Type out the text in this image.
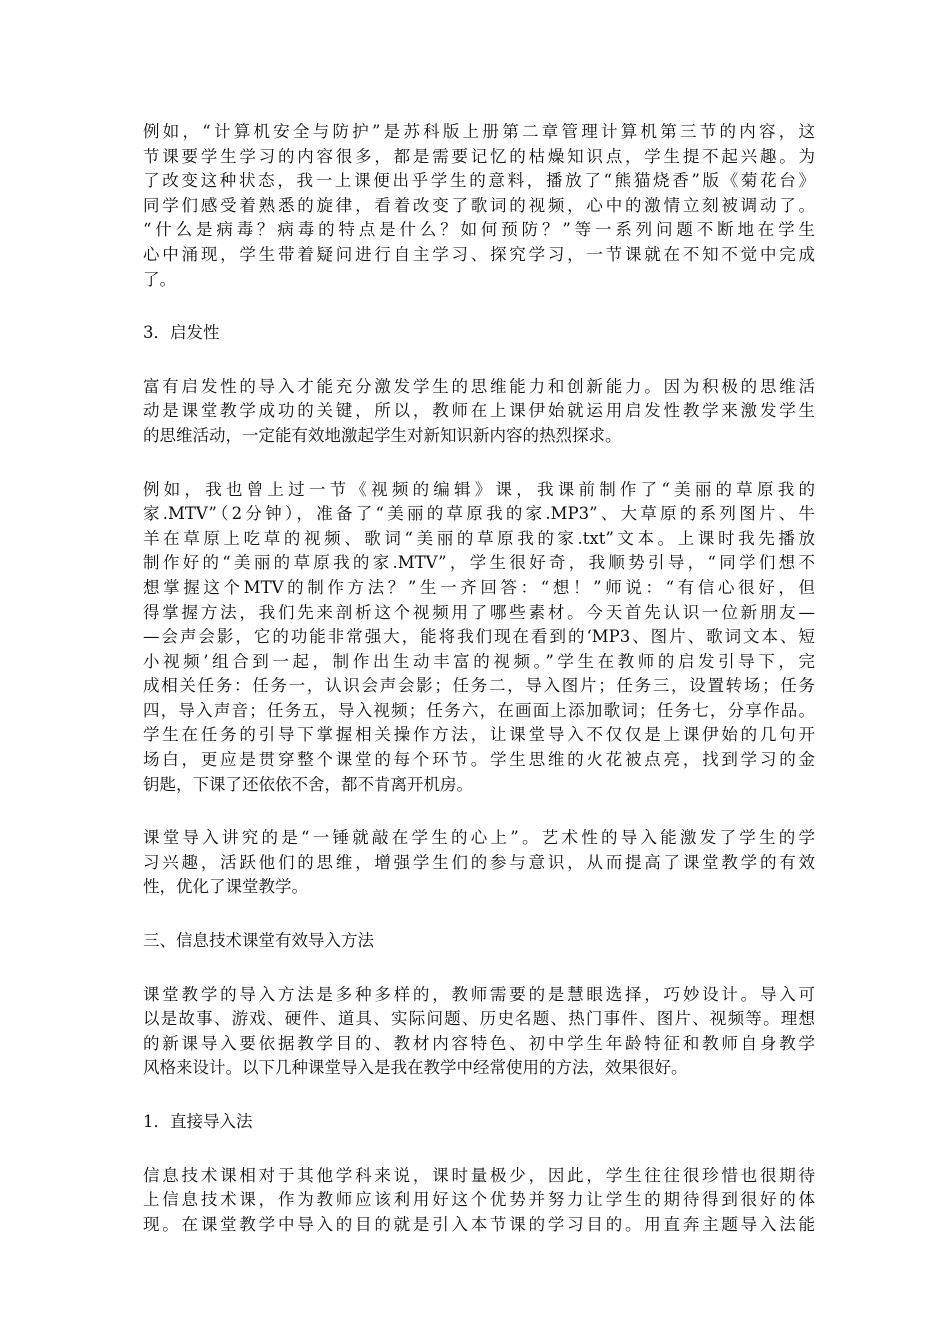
例如，“计算机安全与防护”是苏科版上册第二章管理计算机第三节的内容，这
节课要学生学习的内容很多，都是需要记忆的枯燥知识点，学生提不起兴趣。为
了改变这种状态，我一上课便出乎学生的意料，播放了“熊猫烧香”版《菊花台》
同学们感受着熟悉的旋律，看着改变了歌词的视频，心中的激情立刻被调动了。
“什么是病毒？病毒的特点是什么？如何预防？”等一系列问题不断地在学生
心中涌现，学生带着疑问进行自主学习、探究学习，一节课就在不知不觉中完成
了。
3．启发性
富有启发性的导入才能充分激发学生的思维能力和创新能力。因为积极的思维活
动是课堂教学成功的关键，所以，教师在上课伊始就运用启发性教学来激发学生
的思维活动，一定能有效地激起学生对新知识新内容的热烈探求。
例如，我也曾上过一节《视频的编辑》课，我课前制作了“美丽的草原我的
家.MTV”（2分钟），准备了“美丽的草原我的家.MP3”、大草原的系列图片、牛
羊在草原上吃草的视频、歌词“美丽的草原我的家.txt”文本。上课时我先播放
制作好的“美丽的草原我的家.MTV”，学生很好奇，我顺势引导，“同学们想不
想掌握这个MTV的制作方法？”生一齐回答：“想！”师说：“有信心很好，但
得掌握方法，我们先来剖析这个视频用了哪些素材。今天首先认识一位新朋友—
—会声会影，它的功能非常强大，能将我们现在看到的‘MP3、图片、歌词文本、短
小视频’组合到一起，制作出生动丰富的视频。”学生在教师的启发引导下，完
成相关任务：任务一，认识会声会影；任务二，导入图片；任务三，设置转场；任务
四，导入声音；任务五，导入视频；任务六，在画面上添加歌词；任务七，分享作品。
学生在任务的引导下掌握相关操作方法，让课堂导入不仅仅是上课伊始的几句开
场白，更应是贯穿整个课堂的每个环节。学生思维的火花被点亮，找到学习的金
钥匙，下课了还依依不舍，都不肯离开机房。
课堂导入讲究的是“一锤就敲在学生的心上”。艺术性的导入能激发了学生的学
习兴趣，活跃他们的思维，增强学生们的参与意识，从而提高了课堂教学的有效
性，优化了课堂教学。
三、信息技术课堂有效导入方法
课堂教学的导入方法是多种多样的，教师需要的是慧眼选择，巧妙设计。导入可
以是故事、游戏、硬件、道具、实际问题、历史名题、热门事件、图片、视频等。理想
的新课导入要依据教学目的、教材内容特色、初中学生年龄特征和教师自身教学
风格来设计。以下几种课堂导入是我在教学中经常使用的方法，效果很好。
1．直接导入法
信息技术课相对于其他学科来说，课时量极少，因此，学生往往很珍惜也很期待
上信息技术课，作为教师应该利用好这个优势并努力让学生的期待得到很好的体
现。在课堂教学中导入的目的就是引入本节课的学习目的。用直奔主题导入法能
